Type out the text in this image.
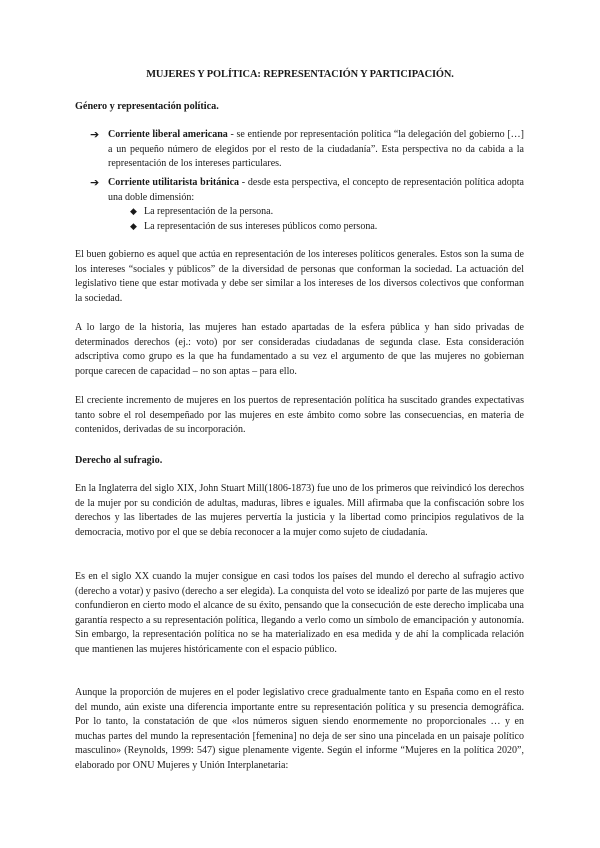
MUJERES Y POLÍTICA: REPRESENTACIÓN Y PARTICIPACIÓN.
Género y representación política.
➔ Corriente liberal americana - se entiende por representación política “la delegación del gobierno […] a un pequeño número de elegidos por el resto de la ciudadanía”. Esta perspectiva no da cabida a la representación de los intereses particulares.
➔ Corriente utilitarista británica - desde esta perspectiva, el concepto de representación política adopta una doble dimensión:
◆ La representación de la persona.
◆ La representación de sus intereses públicos como persona.

El buen gobierno es aquel que actúa en representación de los intereses políticos generales. Estos son la suma de los intereses “sociales y públicos” de la diversidad de personas que conforman la sociedad. La actuación del legislativo tiene que estar motivada y debe ser similar a los intereses de los diversos colectivos que conforman la sociedad.

A lo largo de la historia, las mujeres han estado apartadas de la esfera pública y han sido privadas de determinados derechos (ej.: voto) por ser consideradas ciudadanas de segunda clase. Esta consideración adscriptiva como grupo es la que ha fundamentado a su vez el argumento de que las mujeres no gobiernan porque carecen de capacidad – no son aptas – para ello.

El creciente incremento de mujeres en los puertos de representación política ha suscitado grandes expectativas tanto sobre el rol desempeñado por las mujeres en este ámbito como sobre las consecuencias, en materia de contenidos, derivadas de su incorporación.

Derecho al sufragio.

En la Inglaterra del siglo XIX, John Stuart Mill(1806-1873) fue uno de los primeros que reivindicó los derechos de la mujer por su condición de adultas, maduras, libres e iguales. Mill afirmaba que la confiscación sobre los derechos y las libertades de las mujeres pervertía la justicia y la libertad como principios regulativos de la democracia, motivo por el que se debía reconocer a la mujer como sujeto de ciudadanía.

Es en el siglo XX cuando la mujer consigue en casi todos los países del mundo el derecho al sufragio activo (derecho a votar) y pasivo (derecho a ser elegida). La conquista del voto se idealizó por parte de las mujeres que confundieron en cierto modo el alcance de su éxito, pensando que la consecución de este derecho implicaba una garantía respecto a su representación política, llegando a verlo como un símbolo de emancipación y autonomía. Sin embargo, la representación política no se ha materializado en esa medida y de ahí la complicada relación que mantienen las mujeres históricamente con el espacio público.

Aunque la proporción de mujeres en el poder legislativo crece gradualmente tanto en España como en el resto del mundo, aún existe una diferencia importante entre su representación política y su presencia demográfica. Por lo tanto, la constatación de que «los números siguen siendo enormemente no proporcionales … y en muchas partes del mundo la representación [femenina] no deja de ser sino una pincelada en un paisaje político masculino» (Reynolds, 1999: 547) sigue plenamente vigente. Según el informe “Mujeres en la política 2020”, elaborado por ONU Mujeres y Unión Interplanetaria:
